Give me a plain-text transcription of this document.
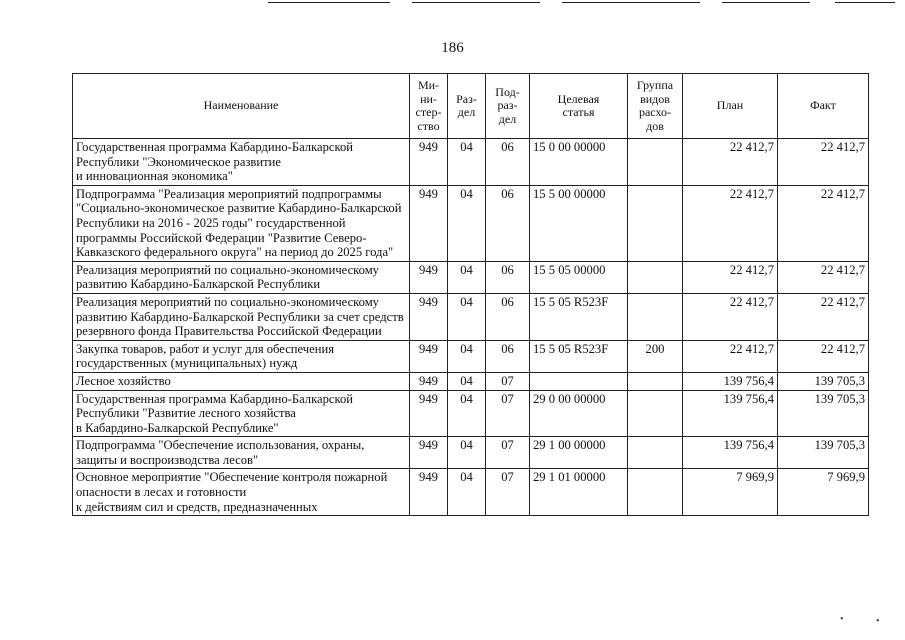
186
Наименование	Ми-
ни-
стер-
ство	Раз-
дел	Под-
раз-
дел	Целевая
статья	Группа
видов
расхо-
дов	План	Факт
Государственная программа Кабардино-Балкарской Республики "Экономическое развитие
и инновационная экономика"	949	04	06	15 0 00 00000		22 412,7	22 412,7
Подпрограмма "Реализация мероприятий подпрограммы "Социально-экономическое развитие Кабардино-Балкарской Республики на 2016 - 2025 годы" государственной программы Российской Федерации "Развитие Северо-Кавказского федерального округа" на период до 2025 года"	949	04	06	15 5 00 00000		22 412,7	22 412,7
Реализация мероприятий по социально-экономическому развитию Кабардино-Балкарской Республики	949	04	06	15 5 05 00000		22 412,7	22 412,7
Реализация мероприятий по социально-экономическому развитию Кабардино-Балкарской Республики за счет средств резервного фонда Правительства Российской Федерации	949	04	06	15 5 05 R523F		22 412,7	22 412,7
Закупка товаров, работ и услуг для обеспечения государственных (муниципальных) нужд	949	04	06	15 5 05 R523F	200	22 412,7	22 412,7
Лесное хозяйство	949	04	07			139 756,4	139 705,3
Государственная программа Кабардино-Балкарской Республики "Развитие лесного хозяйства
в Кабардино-Балкарской Республике"	949	04	07	29 0 00 00000		139 756,4	139 705,3
Подпрограмма "Обеспечение использования, охраны, защиты и воспроизводства лесов"	949	04	07	29 1 00 00000		139 756,4	139 705,3
Основное мероприятие "Обеспечение контроля пожарной опасности в лесах и готовности
к действиям сил и средств, предназначенных	949	04	07	29 1 01 00000		7 969,9	7 969,9
•	•
